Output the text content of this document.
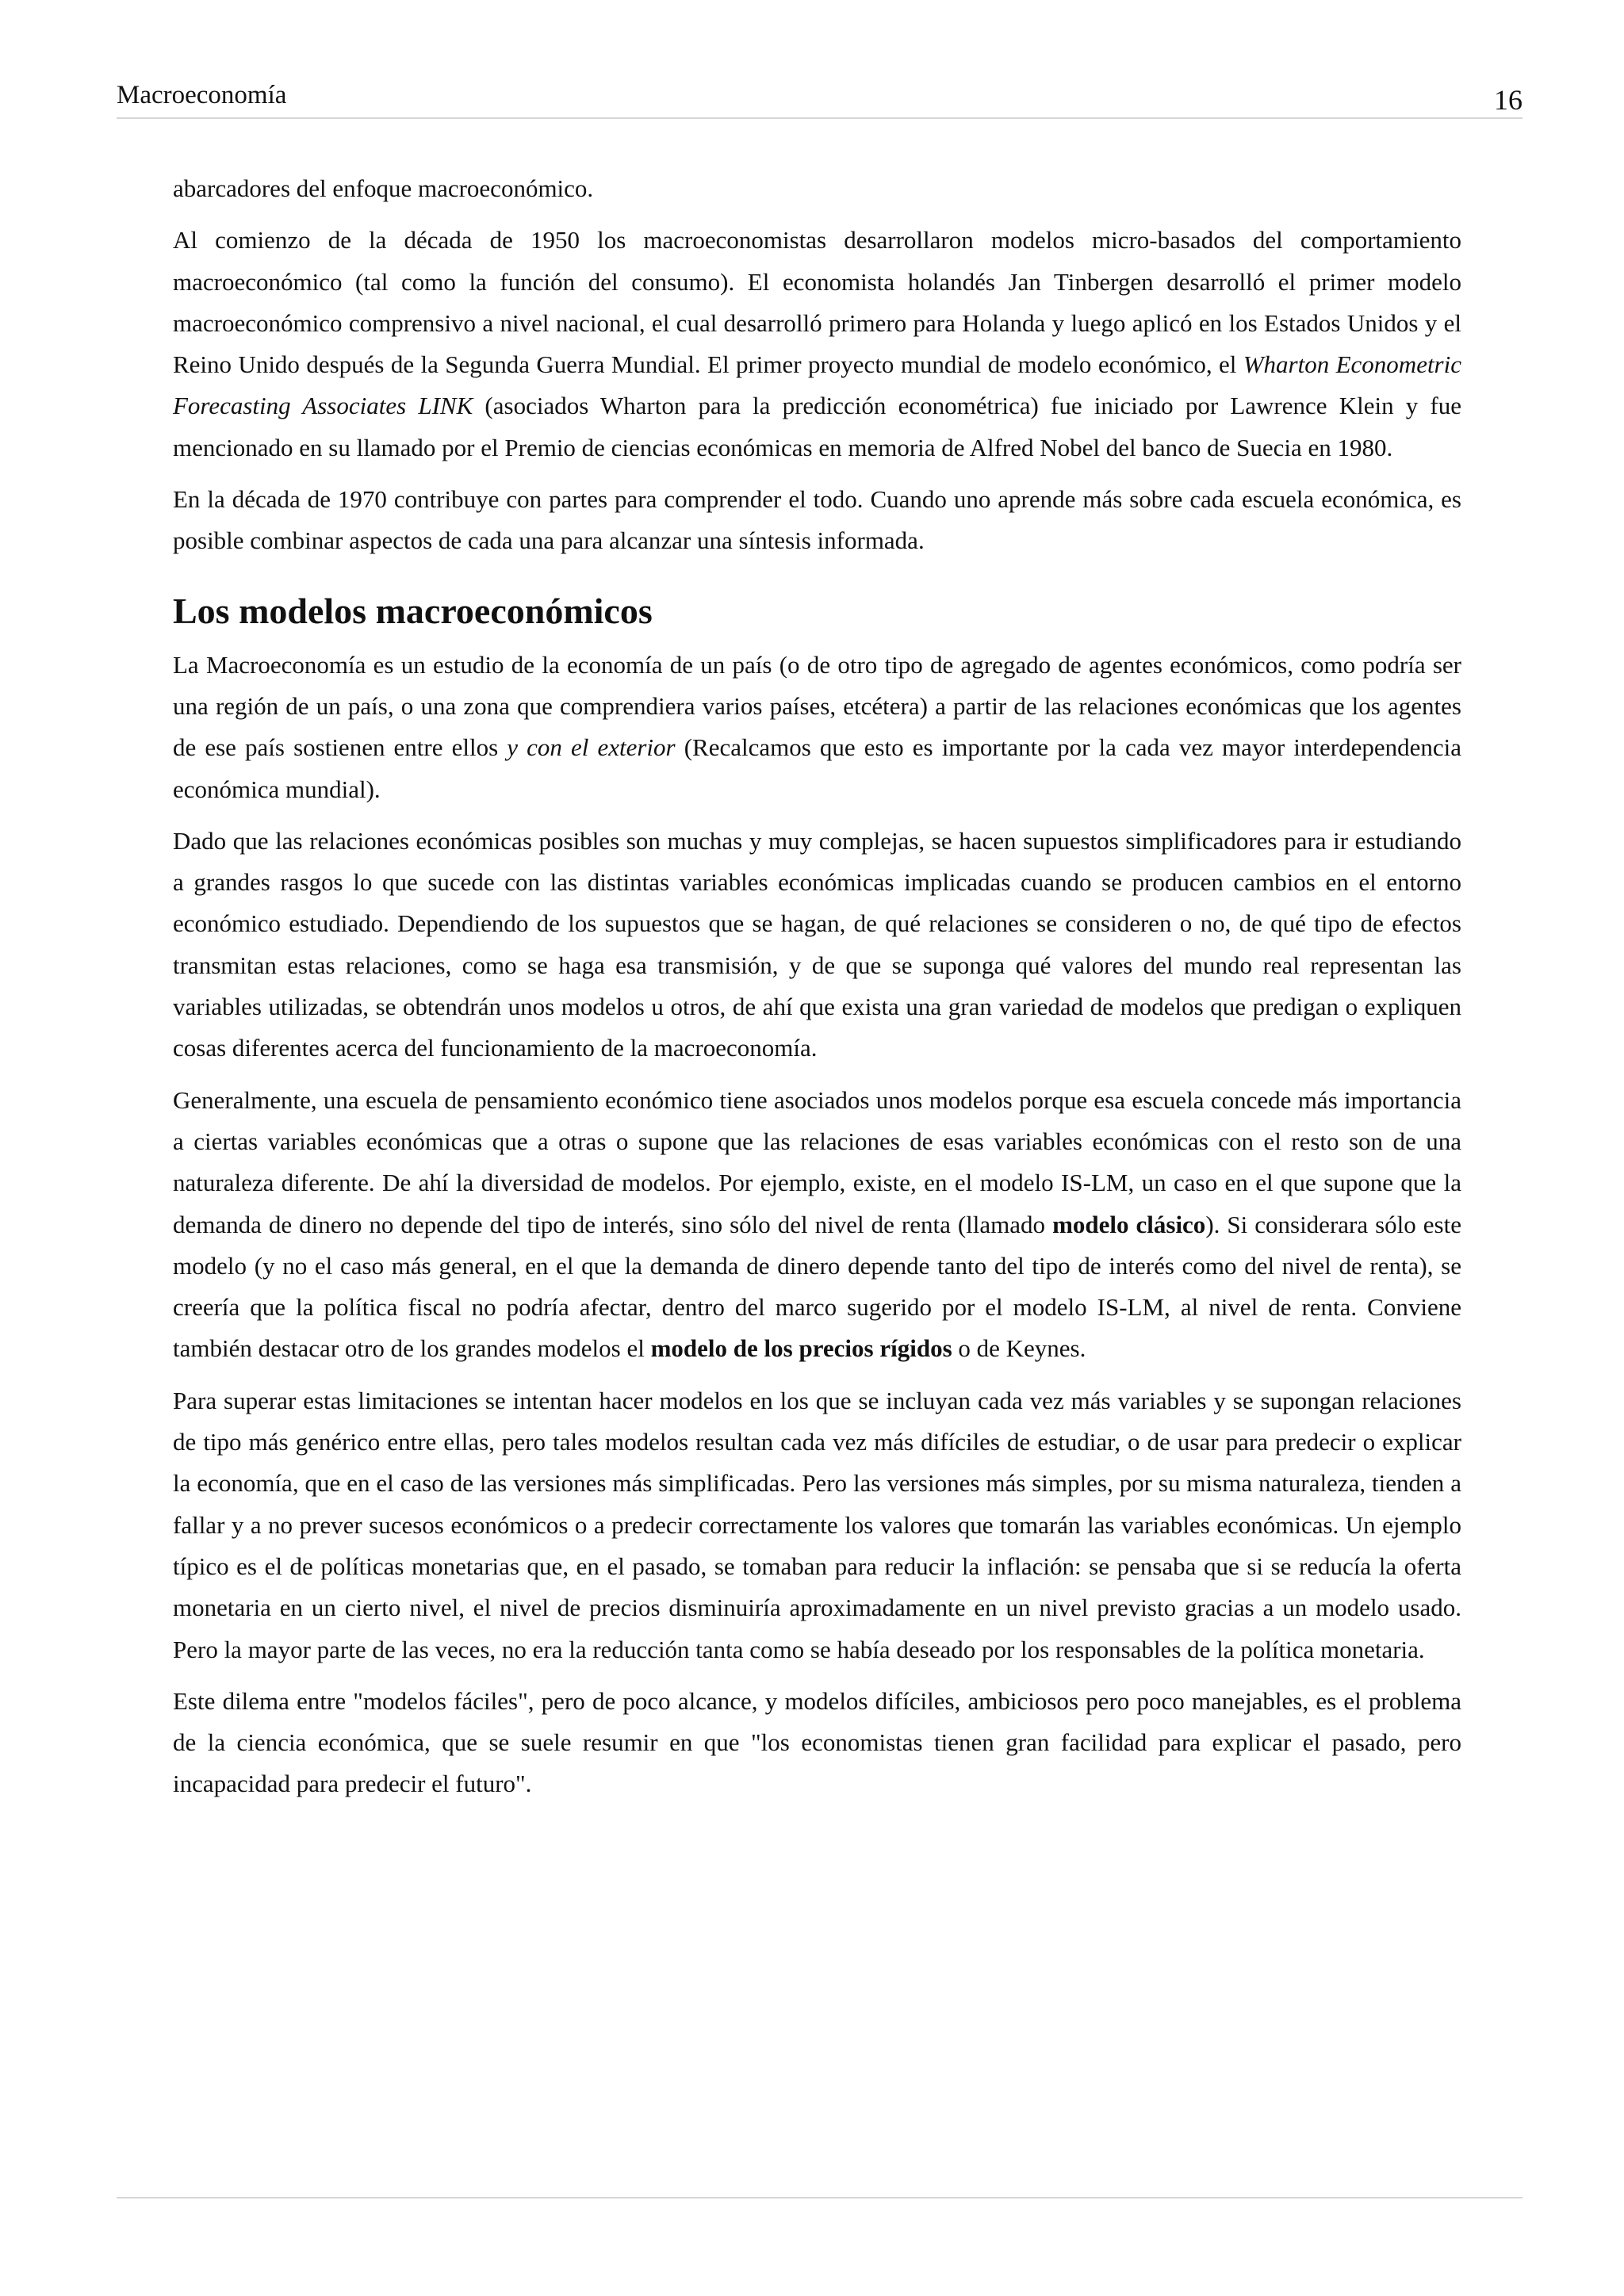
Macroeconomía	16

abarcadores del enfoque macroeconómico.

Al comienzo de la década de 1950 los macroeconomistas desarrollaron modelos micro-basados del comportamiento macroeconómico (tal como la función del consumo). El economista holandés Jan Tinbergen desarrolló el primer modelo macroeconómico comprensivo a nivel nacional, el cual desarrolló primero para Holanda y luego aplicó en los Estados Unidos y el Reino Unido después de la Segunda Guerra Mundial. El primer proyecto mundial de modelo económico, el Wharton Econometric Forecasting Associates LINK (asociados Wharton para la predicción econométrica) fue iniciado por Lawrence Klein y fue mencionado en su llamado por el Premio de ciencias económicas en memoria de Alfred Nobel del banco de Suecia en 1980.

En la década de 1970 contribuye con partes para comprender el todo. Cuando uno aprende más sobre cada escuela económica, es posible combinar aspectos de cada una para alcanzar una síntesis informada.

Los modelos macroeconómicos

La Macroeconomía es un estudio de la economía de un país (o de otro tipo de agregado de agentes económicos, como podría ser una región de un país, o una zona que comprendiera varios países, etcétera) a partir de las relaciones económicas que los agentes de ese país sostienen entre ellos y con el exterior (Recalcamos que esto es importante por la cada vez mayor interdependencia económica mundial).

Dado que las relaciones económicas posibles son muchas y muy complejas, se hacen supuestos simplificadores para ir estudiando a grandes rasgos lo que sucede con las distintas variables económicas implicadas cuando se producen cambios en el entorno económico estudiado. Dependiendo de los supuestos que se hagan, de qué relaciones se consideren o no, de qué tipo de efectos transmitan estas relaciones, como se haga esa transmisión, y de que se suponga qué valores del mundo real representan las variables utilizadas, se obtendrán unos modelos u otros, de ahí que exista una gran variedad de modelos que predigan o expliquen cosas diferentes acerca del funcionamiento de la macroeconomía.

Generalmente, una escuela de pensamiento económico tiene asociados unos modelos porque esa escuela concede más importancia a ciertas variables económicas que a otras o supone que las relaciones de esas variables económicas con el resto son de una naturaleza diferente. De ahí la diversidad de modelos. Por ejemplo, existe, en el modelo IS-LM, un caso en el que supone que la demanda de dinero no depende del tipo de interés, sino sólo del nivel de renta (llamado modelo clásico). Si considerara sólo este modelo (y no el caso más general, en el que la demanda de dinero depende tanto del tipo de interés como del nivel de renta), se creería que la política fiscal no podría afectar, dentro del marco sugerido por el modelo IS-LM, al nivel de renta. Conviene también destacar otro de los grandes modelos el modelo de los precios rígidos o de Keynes.

Para superar estas limitaciones se intentan hacer modelos en los que se incluyan cada vez más variables y se supongan relaciones de tipo más genérico entre ellas, pero tales modelos resultan cada vez más difíciles de estudiar, o de usar para predecir o explicar la economía, que en el caso de las versiones más simplificadas. Pero las versiones más simples, por su misma naturaleza, tienden a fallar y a no prever sucesos económicos o a predecir correctamente los valores que tomarán las variables económicas. Un ejemplo típico es el de políticas monetarias que, en el pasado, se tomaban para reducir la inflación: se pensaba que si se reducía la oferta monetaria en un cierto nivel, el nivel de precios disminuiría aproximadamente en un nivel previsto gracias a un modelo usado. Pero la mayor parte de las veces, no era la reducción tanta como se había deseado por los responsables de la política monetaria.

Este dilema entre "modelos fáciles", pero de poco alcance, y modelos difíciles, ambiciosos pero poco manejables, es el problema de la ciencia económica, que se suele resumir en que "los economistas tienen gran facilidad para explicar el pasado, pero incapacidad para predecir el futuro".
